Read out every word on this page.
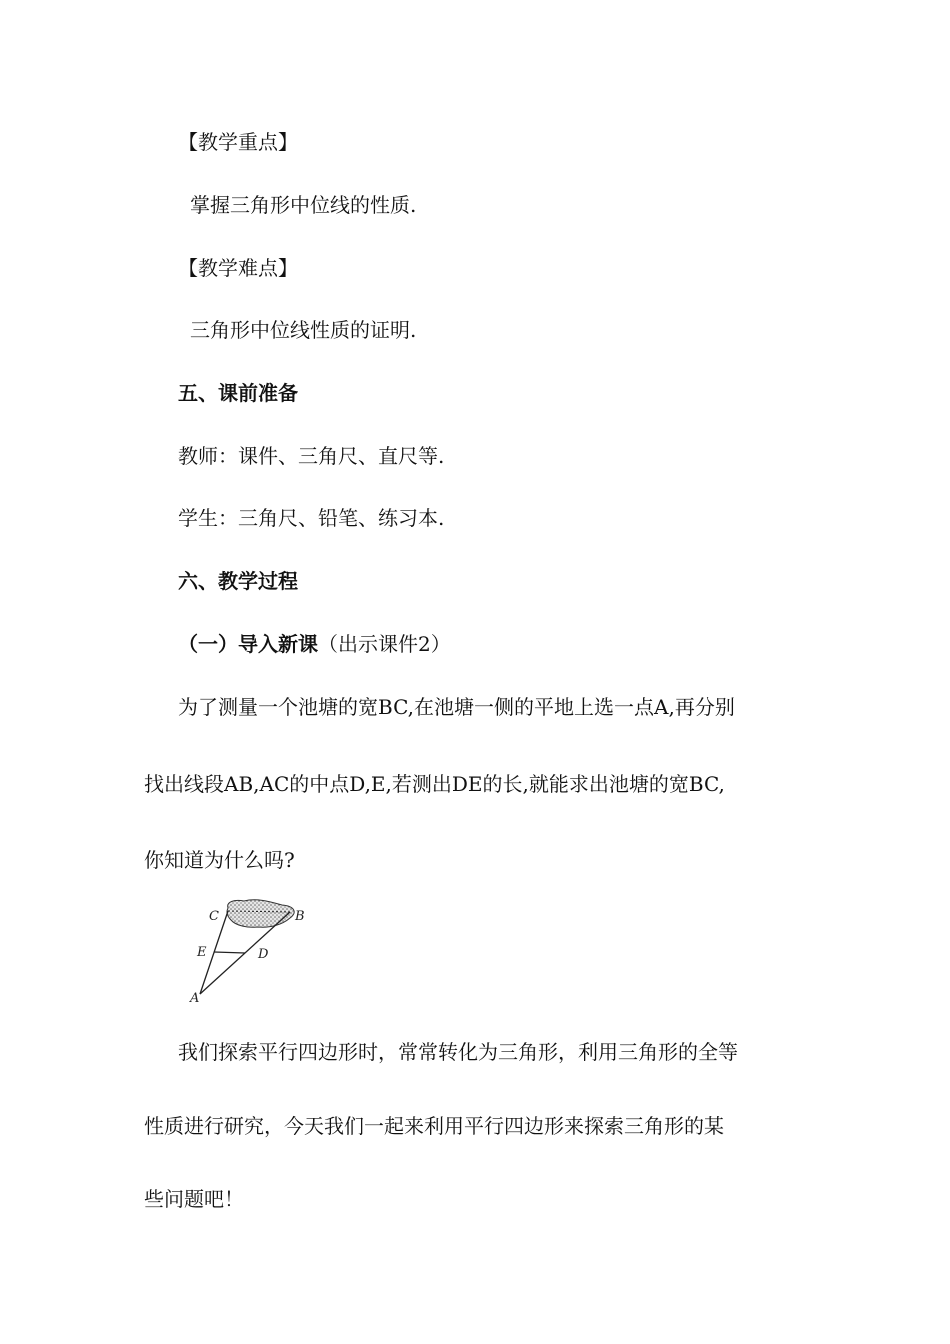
【教学重点】
掌握三角形中位线的性质.
【教学难点】
三角形中位线性质的证明.
五、课前准备
教师：课件、三角尺、直尺等.
学生：三角尺、铅笔、练习本.
六、教学过程
（一）导入新课（出示课件2）
为了测量一个池塘的宽BC,在池塘一侧的平地上选一点A,再分别
找出线段AB,AC的中点D,E,若测出DE的长,就能求出池塘的宽BC,
你知道为什么吗?
C	B
E	D
A
我们探索平行四边形时，常常转化为三角形，利用三角形的全等
性质进行研究，今天我们一起来利用平行四边形来探索三角形的某
些问题吧！
